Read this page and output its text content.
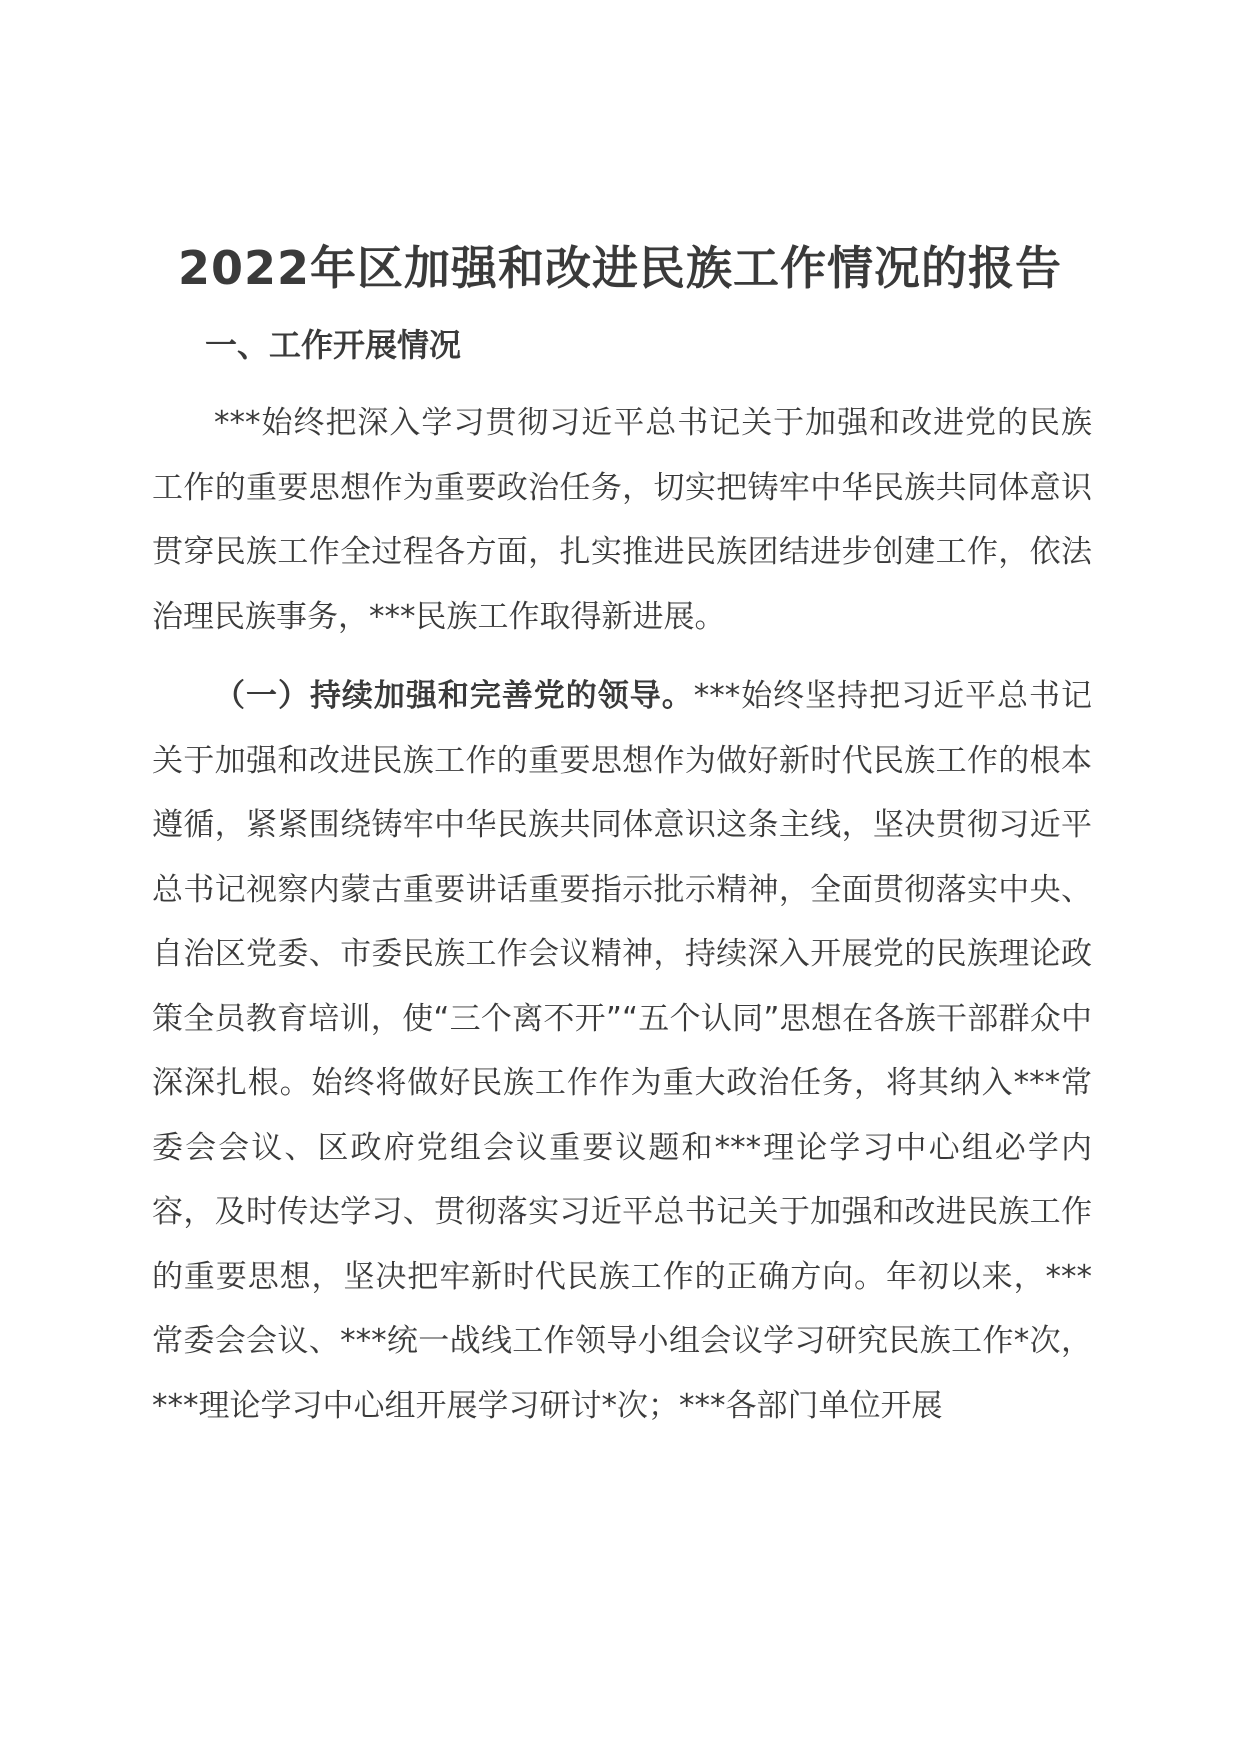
2022年区加强和改进民族工作情况的报告
一、工作开展情况

***始终把深入学习贯彻习近平总书记关于加强和改进党的民族工作的重要思想作为重要政治任务，切实把铸牢中华民族共同体意识贯穿民族工作全过程各方面，扎实推进民族团结进步创建工作，依法治理民族事务，***民族工作取得新进展。

（一）持续加强和完善党的领导。***始终坚持把习近平总书记关于加强和改进民族工作的重要思想作为做好新时代民族工作的根本遵循，紧紧围绕铸牢中华民族共同体意识这条主线，坚决贯彻习近平总书记视察内蒙古重要讲话重要指示批示精神，全面贯彻落实中央、自治区党委、市委民族工作会议精神，持续深入开展党的民族理论政策全员教育培训，使“三个离不开”“五个认同”思想在各族干部群众中深深扎根。始终将做好民族工作作为重大政治任务，将其纳入***常委会会议、区政府党组会议重要议题和***理论学习中心组必学内容，及时传达学习、贯彻落实习近平总书记关于加强和改进民族工作的重要思想，坚决把牢新时代民族工作的正确方向。年初以来，***常委会会议、***统一战线工作领导小组会议学习研究民族工作*次，***理论学习中心组开展学习研讨*次；***各部门单位开展
